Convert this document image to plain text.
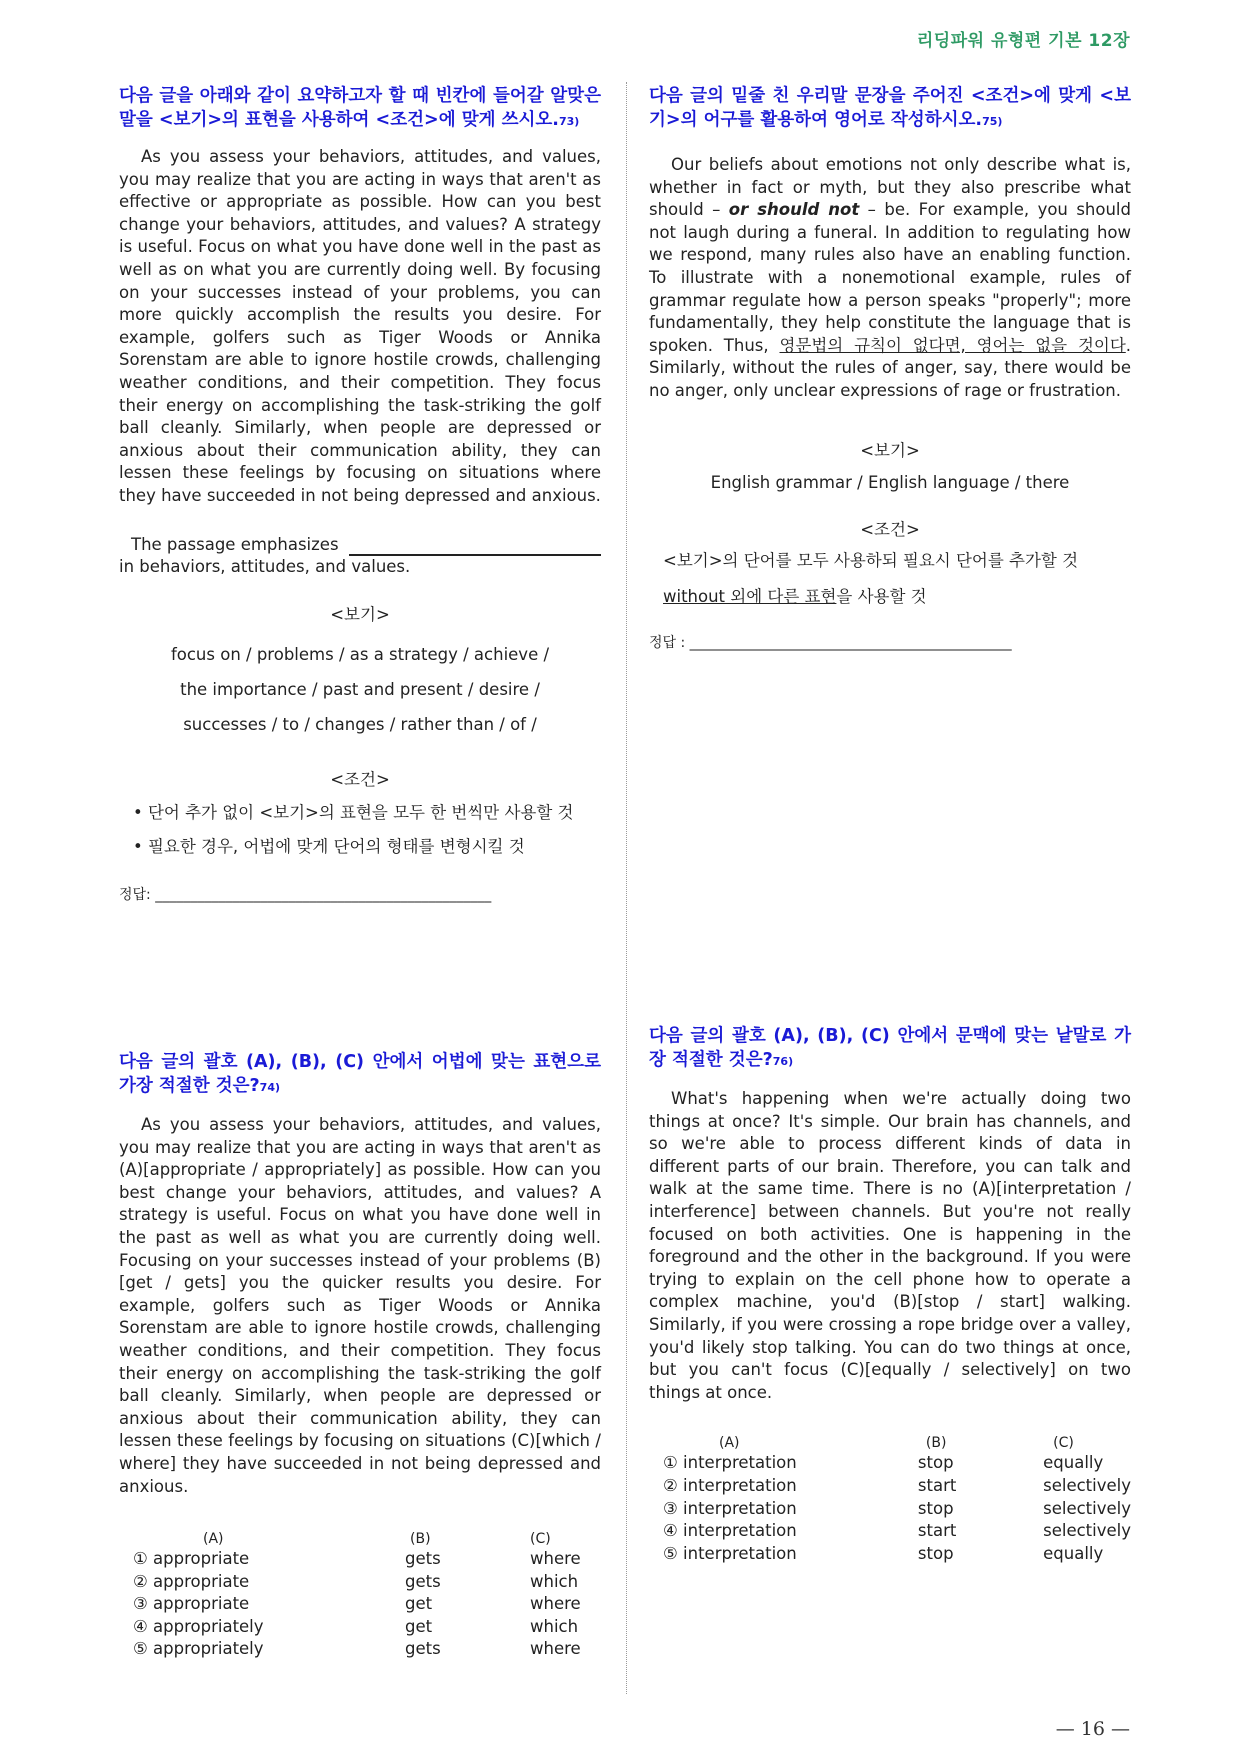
리딩파워 유형편 기본 12장

다음 글을 아래와 같이 요약하고자 할 때 빈칸에 들어갈 알맞은 말을 <보기>의 표현을 사용하여 <조건>에 맞게 쓰시오.73)

As you assess your behaviors, attitudes, and values, you may realize that you are acting in ways that aren't as effective or appropriate as possible. How can you best change your behaviors, attitudes, and values? A strategy is useful. Focus on what you have done well in the past as well as on what you are currently doing well. By focusing on your successes instead of your problems, you can more quickly accomplish the results you desire. For example, golfers such as Tiger Woods or Annika Sorenstam are able to ignore hostile crowds, challenging weather conditions, and their competition. They focus their energy on accomplishing the task-striking the golf ball cleanly. Similarly, when people are depressed or anxious about their communication ability, they can lessen these feelings by focusing on situations where they have succeeded in not being depressed and anxious.

The passage emphasizes
in behaviors, attitudes, and values.
<보기>
focus on / problems / as a strategy / achieve /
the importance / past and present / desire /
successes / to / changes / rather than / of /
<조건>

• 단어 추가 없이 <보기>의 표현을 모두 한 번씩만 사용할 것

• 필요한 경우, 어법에 맞게 단어의 형태를 변형시킬 것

정답: ________________________________________________

다음 글의 괄호 (A), (B), (C) 안에서 어법에 맞는 표현으로 가장 적절한 것은?74)

As you assess your behaviors, attitudes, and values, you may realize that you are acting in ways that aren't as (A)[appropriate / appropriately] as possible. How can you best change your behaviors, attitudes, and values? A strategy is useful. Focus on what you have done well in the past as well as what you are currently doing well. Focusing on your successes instead of your problems (B)[get / gets] you the quicker results you desire. For example, golfers such as Tiger Woods or Annika Sorenstam are able to ignore hostile crowds, challenging weather conditions, and their competition. They focus their energy on accomplishing the task-striking the golf ball cleanly. Similarly, when people are depressed or anxious about their communication ability, they can lessen these feelings by focusing on situations (C)[which / where] they have succeeded in not being depressed and anxious.

(A)	(B)	(C)
① appropriate	gets	where
② appropriate	gets	which
③ appropriate	get	where
④ appropriately	get	which
⑤ appropriately	gets	where

다음 글의 밑줄 친 우리말 문장을 주어진 <조건>에 맞게 <보기>의 어구를 활용하여 영어로 작성하시오.75)

Our beliefs about emotions not only describe what is, whether in fact or myth, but they also prescribe what should – or should not – be. For example, you should not laugh during a funeral. In addition to regulating how we respond, many rules also have an enabling function. To illustrate with a nonemotional example, rules of grammar regulate how a person speaks "properly"; more fundamentally, they help constitute the language that is spoken. Thus, 영문법의 규칙이 없다면, 영어는 없을 것이다. Similarly, without the rules of anger, say, there would be no anger, only unclear expressions of rage or frustration.

<보기>
English grammar / English language / there
<조건>

<보기>의 단어를 모두 사용하되 필요시 단어를 추가할 것

without 외에 다른 표현을 사용할 것

정답 : ______________________________________________

다음 글의 괄호 (A), (B), (C) 안에서 문맥에 맞는 낱말로 가장 적절한 것은?76)

What's happening when we're actually doing two things at once? It's simple. Our brain has channels, and so we're able to process different kinds of data in different parts of our brain. Therefore, you can talk and walk at the same time. There is no (A)[interpretation / interference] between channels. But you're not really focused on both activities. One is happening in the foreground and the other in the background. If you were trying to explain on the cell phone how to operate a complex machine, you'd (B)[stop / start] walking. Similarly, if you were crossing a rope bridge over a valley, you'd likely stop talking. You can do two things at once, but you can't focus (C)[equally / selectively] on two things at once.

(A)	(B)	(C)
① interpretation	stop	equally
② interpretation	start	selectively
③ interpretation	stop	selectively
④ interpretation	start	selectively
⑤ interpretation	stop	equally
— 16 —
